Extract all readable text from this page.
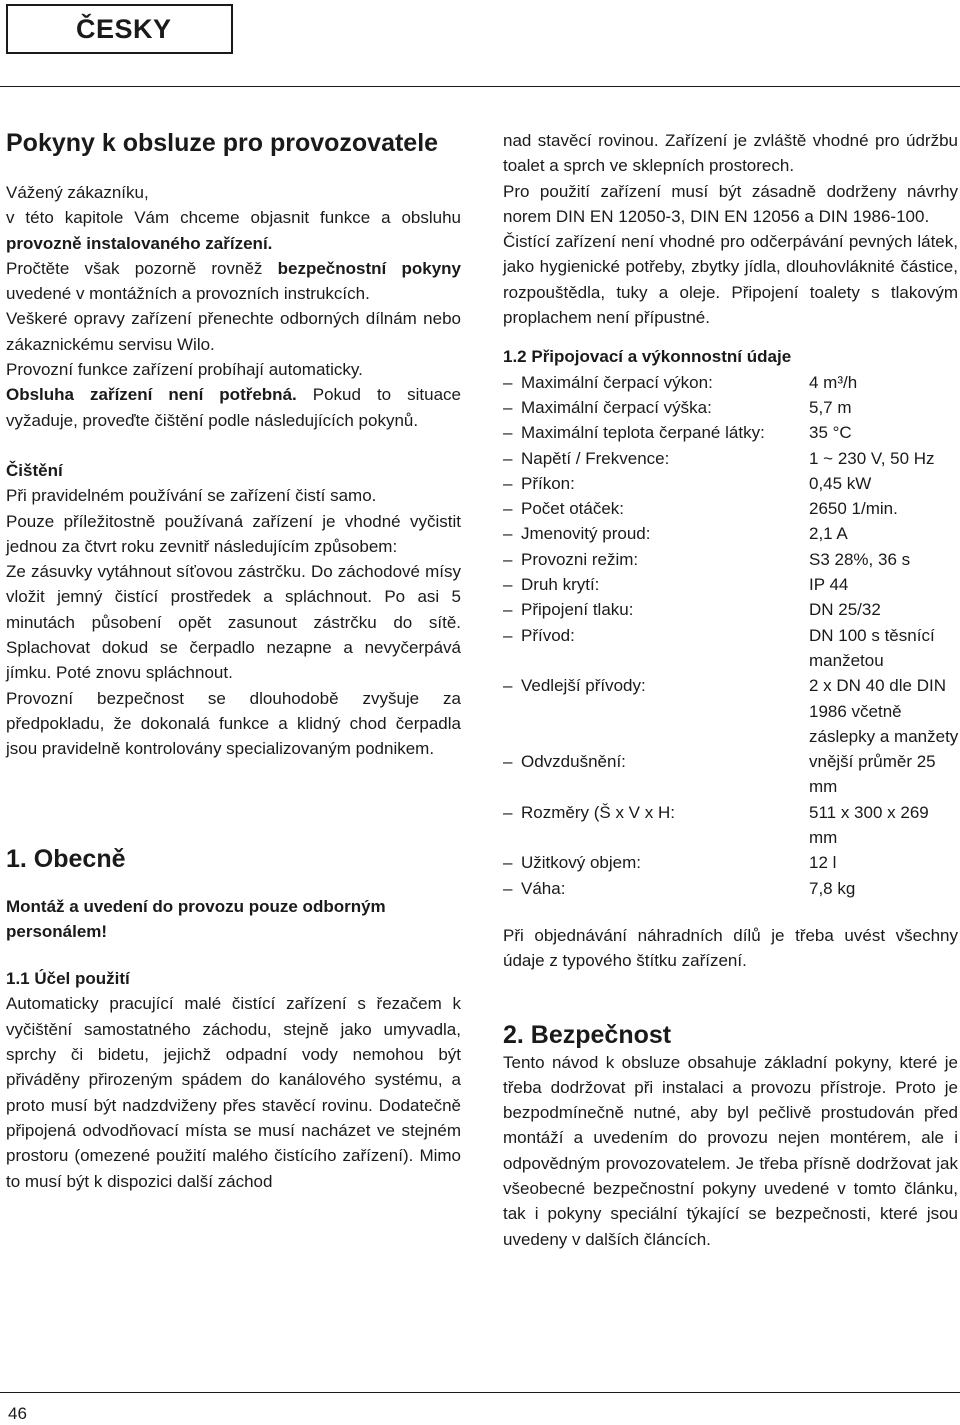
ČESKY

Pokyny k obsluze pro provozovatele

Vážený zákazníku,

v této kapitole Vám chceme objasnit funkce a obsluhu provozně instalovaného zařízení.

Pročtěte však pozorně rovněž bezpečnostní pokyny uvedené v montážních a provozních instrukcích.

Veškeré opravy zařízení přenechte odborných dílnám nebo zákaznickému servisu Wilo.

Provozní funkce zařízení probíhají automaticky.

Obsluha zařízení není potřebná. Pokud to situace vyžaduje, proveďte čištění podle následujících pokynů.

Čištění

Při pravidelném používání se zařízení čistí samo.

Pouze příležitostně používaná zařízení je vhodné vyčistit jednou za čtvrt roku zevnitř následujícím způsobem:

Ze zásuvky vytáhnout síťovou zástrčku. Do záchodové mísy vložit jemný čistící prostředek a spláchnout. Po asi 5 minutách působení opět zasunout zástrčku do sítě. Splachovat dokud se čerpadlo nezapne a nevyčerpává jímku. Poté znovu spláchnout.

Provozní bezpečnost se dlouhodobě zvyšuje za předpokladu, že dokonalá funkce a klidný chod čerpadla jsou pravidelně kontrolovány specializovaným podnikem.

1. Obecně

Montáž a uvedení do provozu pouze odborným personálem!

1.1 Účel použití

Automaticky pracující malé čistící zařízení s řezačem k vyčištění samostatného záchodu, stejně jako umyvadla, sprchy či bidetu, jejichž odpadní vody nemohou být přiváděny přirozeným spádem do kanálového systému, a proto musí být nadzdviženy přes stavěcí rovinu. Dodatečně připojená odvodňovací místa se musí nacházet ve stejném prostoru (omezené použití malého čistícího zařízení). Mimo to musí být k dispozici další záchod

nad stavěcí rovinou. Zařízení je zvláště vhodné pro údržbu toalet a sprch ve sklepních prostorech.

Pro použití zařízení musí být zásadně dodrženy návrhy norem DIN EN 12050-3, DIN EN 12056 a DIN 1986-100.

Čistící zařízení není vhodné pro odčerpávání pevných látek, jako hygienické potřeby, zbytky jídla, dlouhovláknité částice, rozpouštědla, tuky a oleje. Připojení toalety s tlakovým proplachem není přípustné.

1.2 Připojovací a výkonnostní údaje

– Maximální čerpací výkon:	4 m³/h
– Maximální čerpací výška:	5,7 m
– Maximální teplota čerpané látky:	35 °C
– Napětí / Frekvence:	1 ~ 230 V, 50 Hz
– Příkon:	0,45 kW
– Počet otáček:	2650 1/min.
– Jmenovitý proud:	2,1 A
– Provozni režim:	S3 28%, 36 s
– Druh krytí:	IP 44
– Připojení tlaku:	DN 25/32
– Přívod:	DN 100 s těsnící manžetou
– Vedlejší přívody:	2 x DN 40 dle DIN 1986 včetně záslepky a manžety
– Odvzdušnění:	vnější průměr 25 mm
– Rozměry (Š x V x H:	511 x 300 x 269 mm
– Užitkový objem:	12 l
– Váha:	7,8 kg

Při objednávání náhradních dílů je třeba uvést všechny údaje z typového štítku zařízení.

2. Bezpečnost

Tento návod k obsluze obsahuje základní pokyny, které je třeba dodržovat při instalaci a provozu přístroje. Proto je bezpodmínečně nutné, aby byl pečlivě prostudován před montáží a uvedením do provozu nejen montérem, ale i odpovědným provozovatelem. Je třeba přísně dodržovat jak všeobecné bezpečnostní pokyny uvedené v tomto článku, tak i pokyny speciální týkající se bezpečnosti, které jsou uvedeny v dalších článcích.

46
